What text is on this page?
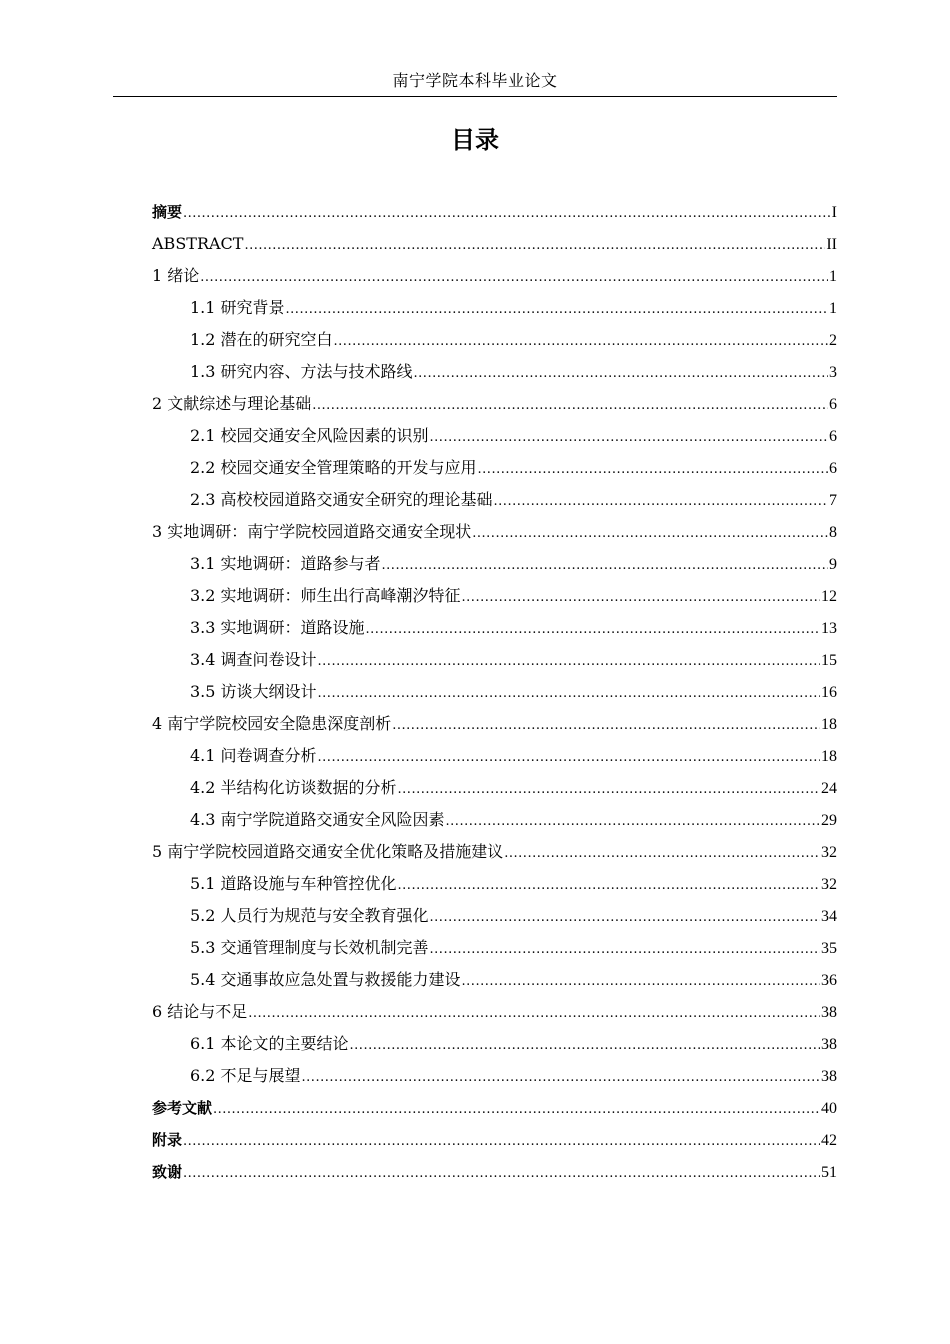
南宁学院本科毕业论文
目录
摘要 .....	I
ABSTRACT .....	II
1 绪论 .....	1
1.1 研究背景 .....	1
1.2 潜在的研究空白 .....	2
1.3 研究内容、方法与技术路线 .....	3
2 文献综述与理论基础 .....	6
2.1 校园交通安全风险因素的识别 .....	6
2.2 校园交通安全管理策略的开发与应用 .....	6
2.3 高校校园道路交通安全研究的理论基础 .....	7
3 实地调研：南宁学院校园道路交通安全现状 .....	8
3.1 实地调研：道路参与者 .....	9
3.2 实地调研：师生出行高峰潮汐特征 .....	12
3.3 实地调研：道路设施 .....	13
3.4 调查问卷设计 .....	15
3.5 访谈大纲设计 .....	16
4 南宁学院校园安全隐患深度剖析 .....	18
4.1 问卷调查分析 .....	18
4.2 半结构化访谈数据的分析 .....	24
4.3 南宁学院道路交通安全风险因素 .....	29
5 南宁学院校园道路交通安全优化策略及措施建议 .....	32
5.1 道路设施与车种管控优化 .....	32
5.2 人员行为规范与安全教育强化 .....	34
5.3 交通管理制度与长效机制完善 .....	35
5.4 交通事故应急处置与救援能力建设 .....	36
6 结论与不足 .....	38
6.1 本论文的主要结论 .....	38
6.2 不足与展望 .....	38
参考文献 .....	40
附录 .....	42
致谢 .....	51
